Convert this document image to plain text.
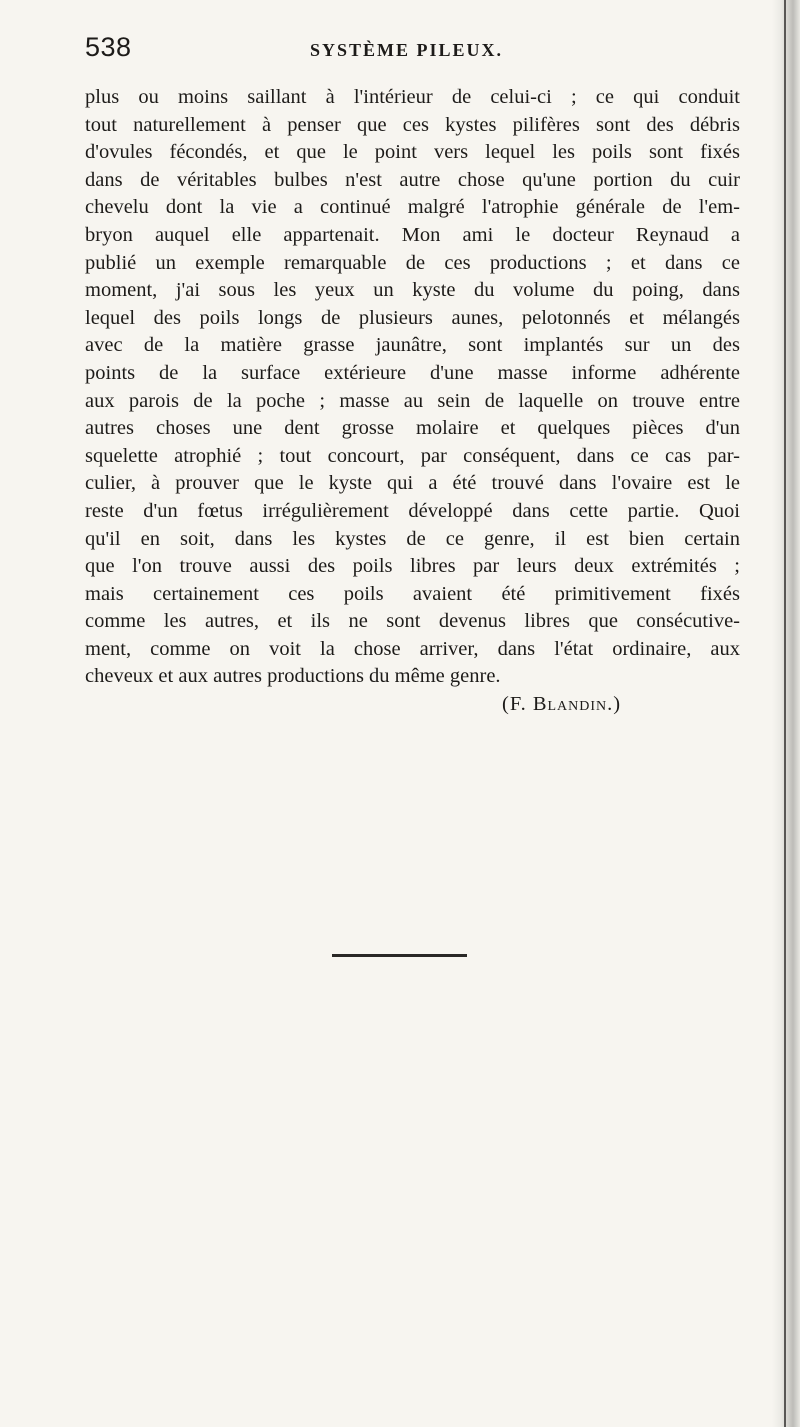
538	SYSTÈME PILEUX.
plus ou moins saillant à l'intérieur de celui-ci ; ce qui conduit
tout naturellement à penser que ces kystes pilifères sont des débris
d'ovules fécondés, et que le point vers lequel les poils sont fixés
dans de véritables bulbes n'est autre chose qu'une portion du cuir
chevelu dont la vie a continué malgré l'atrophie générale de l'em-
bryon auquel elle appartenait. Mon ami le docteur Reynaud a
publié un exemple remarquable de ces productions ; et dans ce
moment, j'ai sous les yeux un kyste du volume du poing, dans
lequel des poils longs de plusieurs aunes, pelotonnés et mélangés
avec de la matière grasse jaunâtre, sont implantés sur un des
points de la surface extérieure d'une masse informe adhérente
aux parois de la poche ; masse au sein de laquelle on trouve entre
autres choses une dent grosse molaire et quelques pièces d'un
squelette atrophié ; tout concourt, par conséquent, dans ce cas par-
culier, à prouver que le kyste qui a été trouvé dans l'ovaire est le
reste d'un fœtus irrégulièrement développé dans cette partie. Quoi
qu'il en soit, dans les kystes de ce genre, il est bien certain
que l'on trouve aussi des poils libres par leurs deux extrémités ;
mais certainement ces poils avaient été primitivement fixés
comme les autres, et ils ne sont devenus libres que consécutive-
ment, comme on voit la chose arriver, dans l'état ordinaire, aux
cheveux et aux autres productions du même genre.
(F. Blandin.)
